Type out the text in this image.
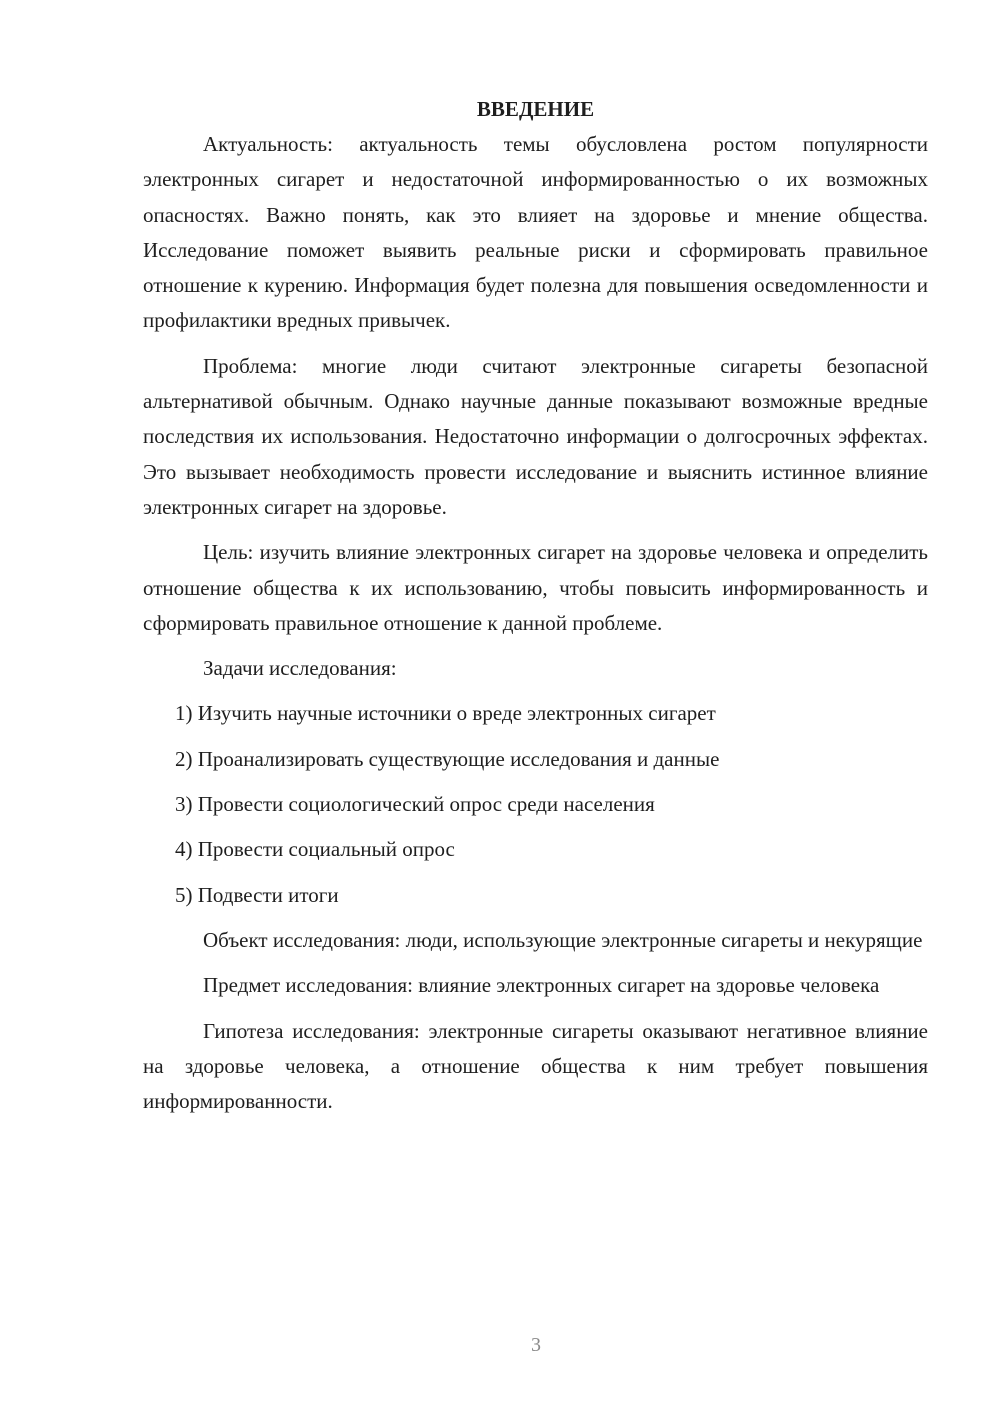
ВВЕДЕНИЕ

Актуальность: актуальность темы обусловлена ростом популярности электронных сигарет и недостаточной информированностью о их возможных опасностях. Важно понять, как это влияет на здоровье и мнение общества. Исследование поможет выявить реальные риски и сформировать правильное отношение к курению. Информация будет полезна для повышения осведомленности и профилактики вредных привычек.

Проблема: многие люди считают электронные сигареты безопасной альтернативой обычным. Однако научные данные показывают возможные вредные последствия их использования. Недостаточно информации о долгосрочных эффектах. Это вызывает необходимость провести исследование и выяснить истинное влияние электронных сигарет на здоровье.

Цель: изучить влияние электронных сигарет на здоровье человека и определить отношение общества к их использованию, чтобы повысить информированность и сформировать правильное отношение к данной проблеме.

Задачи исследования:
1) Изучить научные источники о вреде электронных сигарет
2) Проанализировать существующие исследования и данные
3) Провести социологический опрос среди населения
4) Провести социальный опрос
5) Подвести итоги

Объект исследования: люди, использующие электронные сигареты и некурящие

Предмет исследования: влияние электронных сигарет на здоровье человека

Гипотеза исследования: электронные сигареты оказывают негативное влияние на здоровье человека, а отношение общества к ним требует повышения информированности.

3
